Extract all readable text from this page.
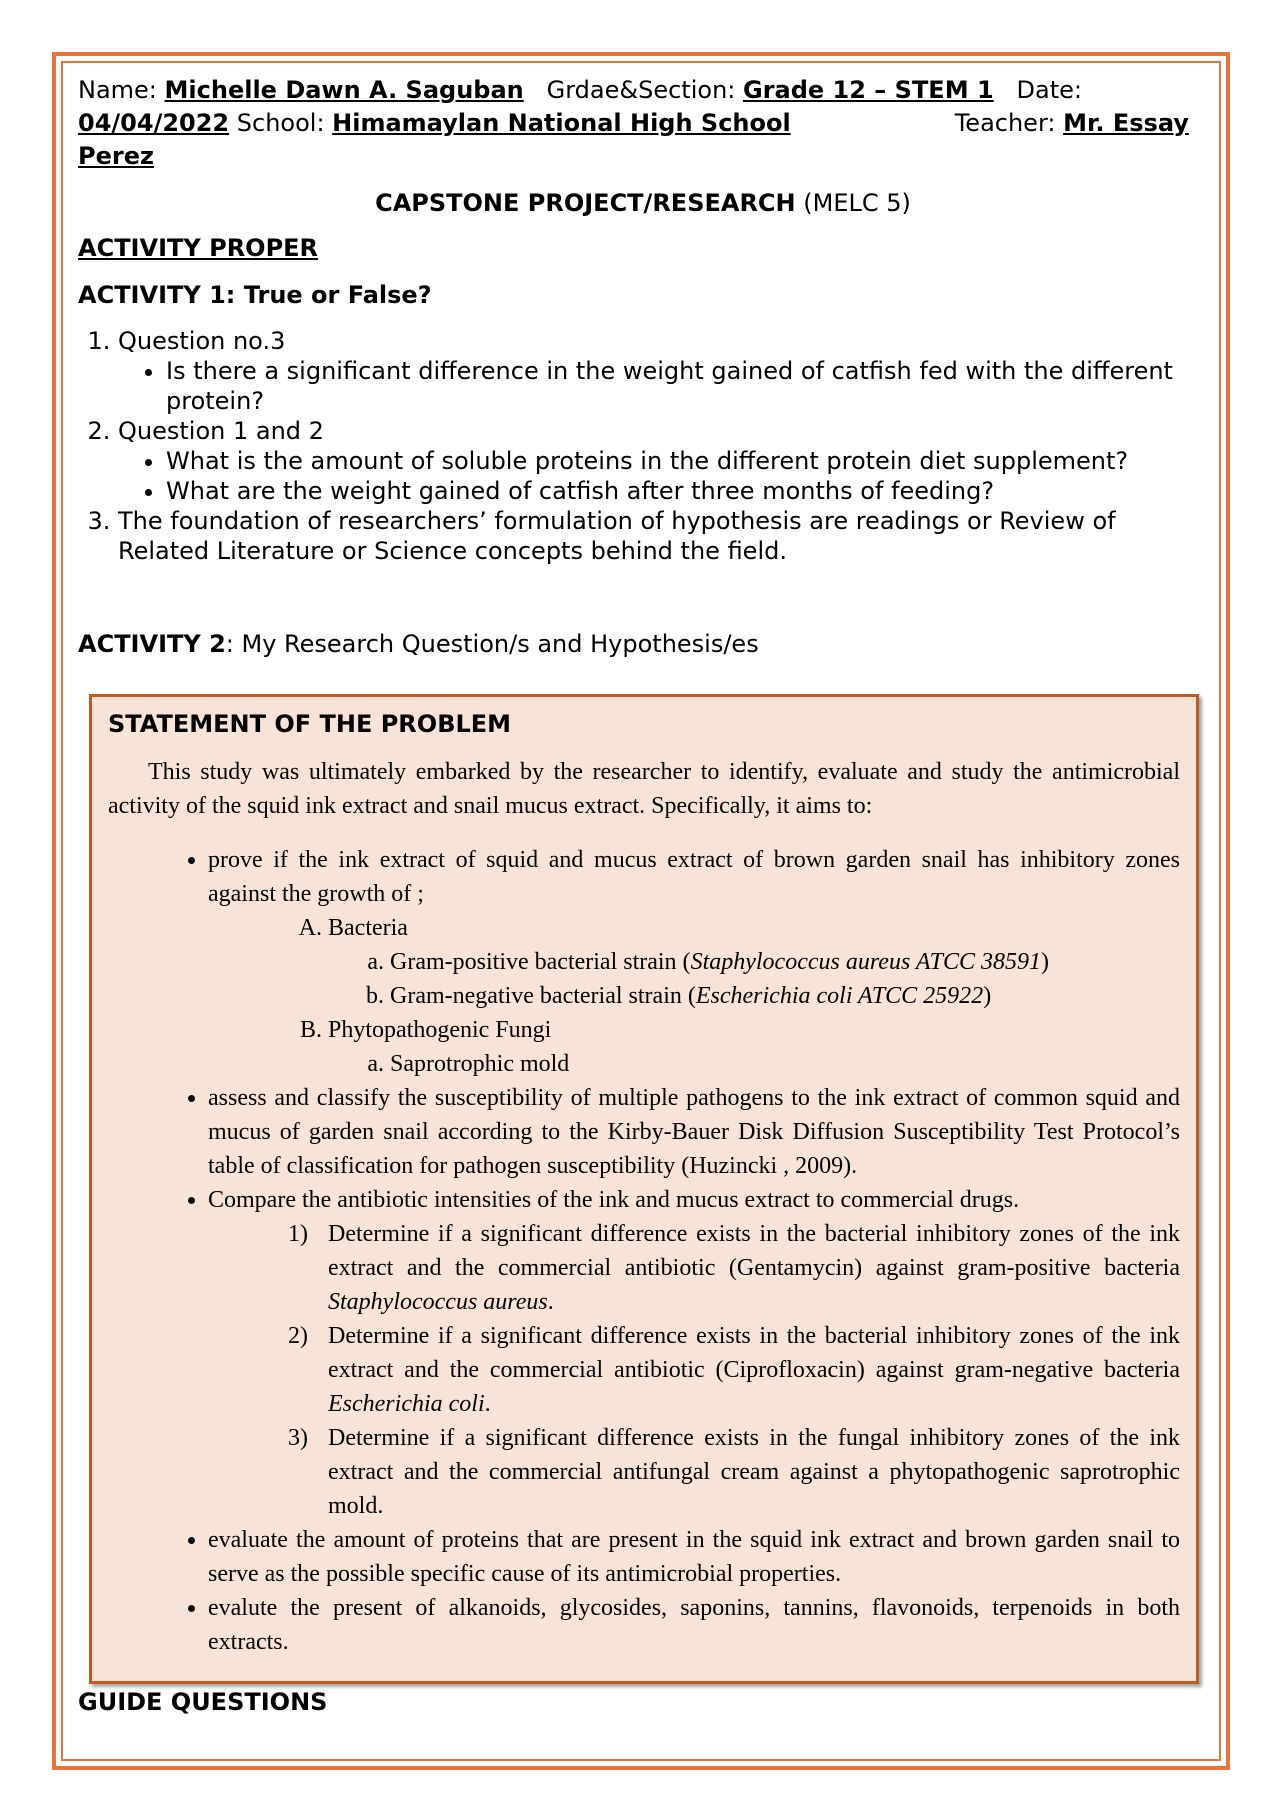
Name: Michelle Dawn A. Saguban Grdae&Section: Grade 12 – STEM 1 Date:
04/04/2022 School: Himamaylan National High School	Teacher: Mr. Essay Perez
CAPSTONE PROJECT/RESEARCH (MELC 5)
ACTIVITY PROPER
ACTIVITY 1: True or False?
1. Question no.3
• Is there a significant difference in the weight gained of catfish fed with the different protein?
2. Question 1 and 2
• What is the amount of soluble proteins in the different protein diet supplement?
• What are the weight gained of catfish after three months of feeding?
3. The foundation of researchers’ formulation of hypothesis are readings or Review of Related Literature or Science concepts behind the field.
ACTIVITY 2: My Research Question/s and Hypothesis/es
STATEMENT OF THE PROBLEM
This study was ultimately embarked by the researcher to identify, evaluate and study the antimicrobial activity of the squid ink extract and snail mucus extract. Specifically, it aims to:
• prove if the ink extract of squid and mucus extract of brown garden snail has inhibitory zones against the growth of ;
A. Bacteria
a. Gram-positive bacterial strain (Staphylococcus aureus ATCC 38591)
b. Gram-negative bacterial strain (Escherichia coli ATCC 25922)
B. Phytopathogenic Fungi
a. Saprotrophic mold
• assess and classify the susceptibility of multiple pathogens to the ink extract of common squid and mucus of garden snail according to the Kirby-Bauer Disk Diffusion Susceptibility Test Protocol’s table of classification for pathogen susceptibility (Huzincki , 2009).
• Compare the antibiotic intensities of the ink and mucus extract to commercial drugs.
Determine if a significant difference exists in the bacterial inhibitory zones of the ink extract and the commercial antibiotic (Gentamycin) against gram-positive bacteria Staphylococcus aureus.
Determine if a significant difference exists in the bacterial inhibitory zones of the ink extract and the commercial antibiotic (Ciprofloxacin) against gram-negative bacteria Escherichia coli.
Determine if a significant difference exists in the fungal inhibitory zones of the ink extract and the commercial antifungal cream against a phytopathogenic saprotrophic mold.
• evaluate the amount of proteins that are present in the squid ink extract and brown garden snail to serve as the possible specific cause of its antimicrobial properties.
• evalute the present of alkanoids, glycosides, saponins, tannins, flavonoids, terpenoids in both extracts.
GUIDE QUESTIONS
